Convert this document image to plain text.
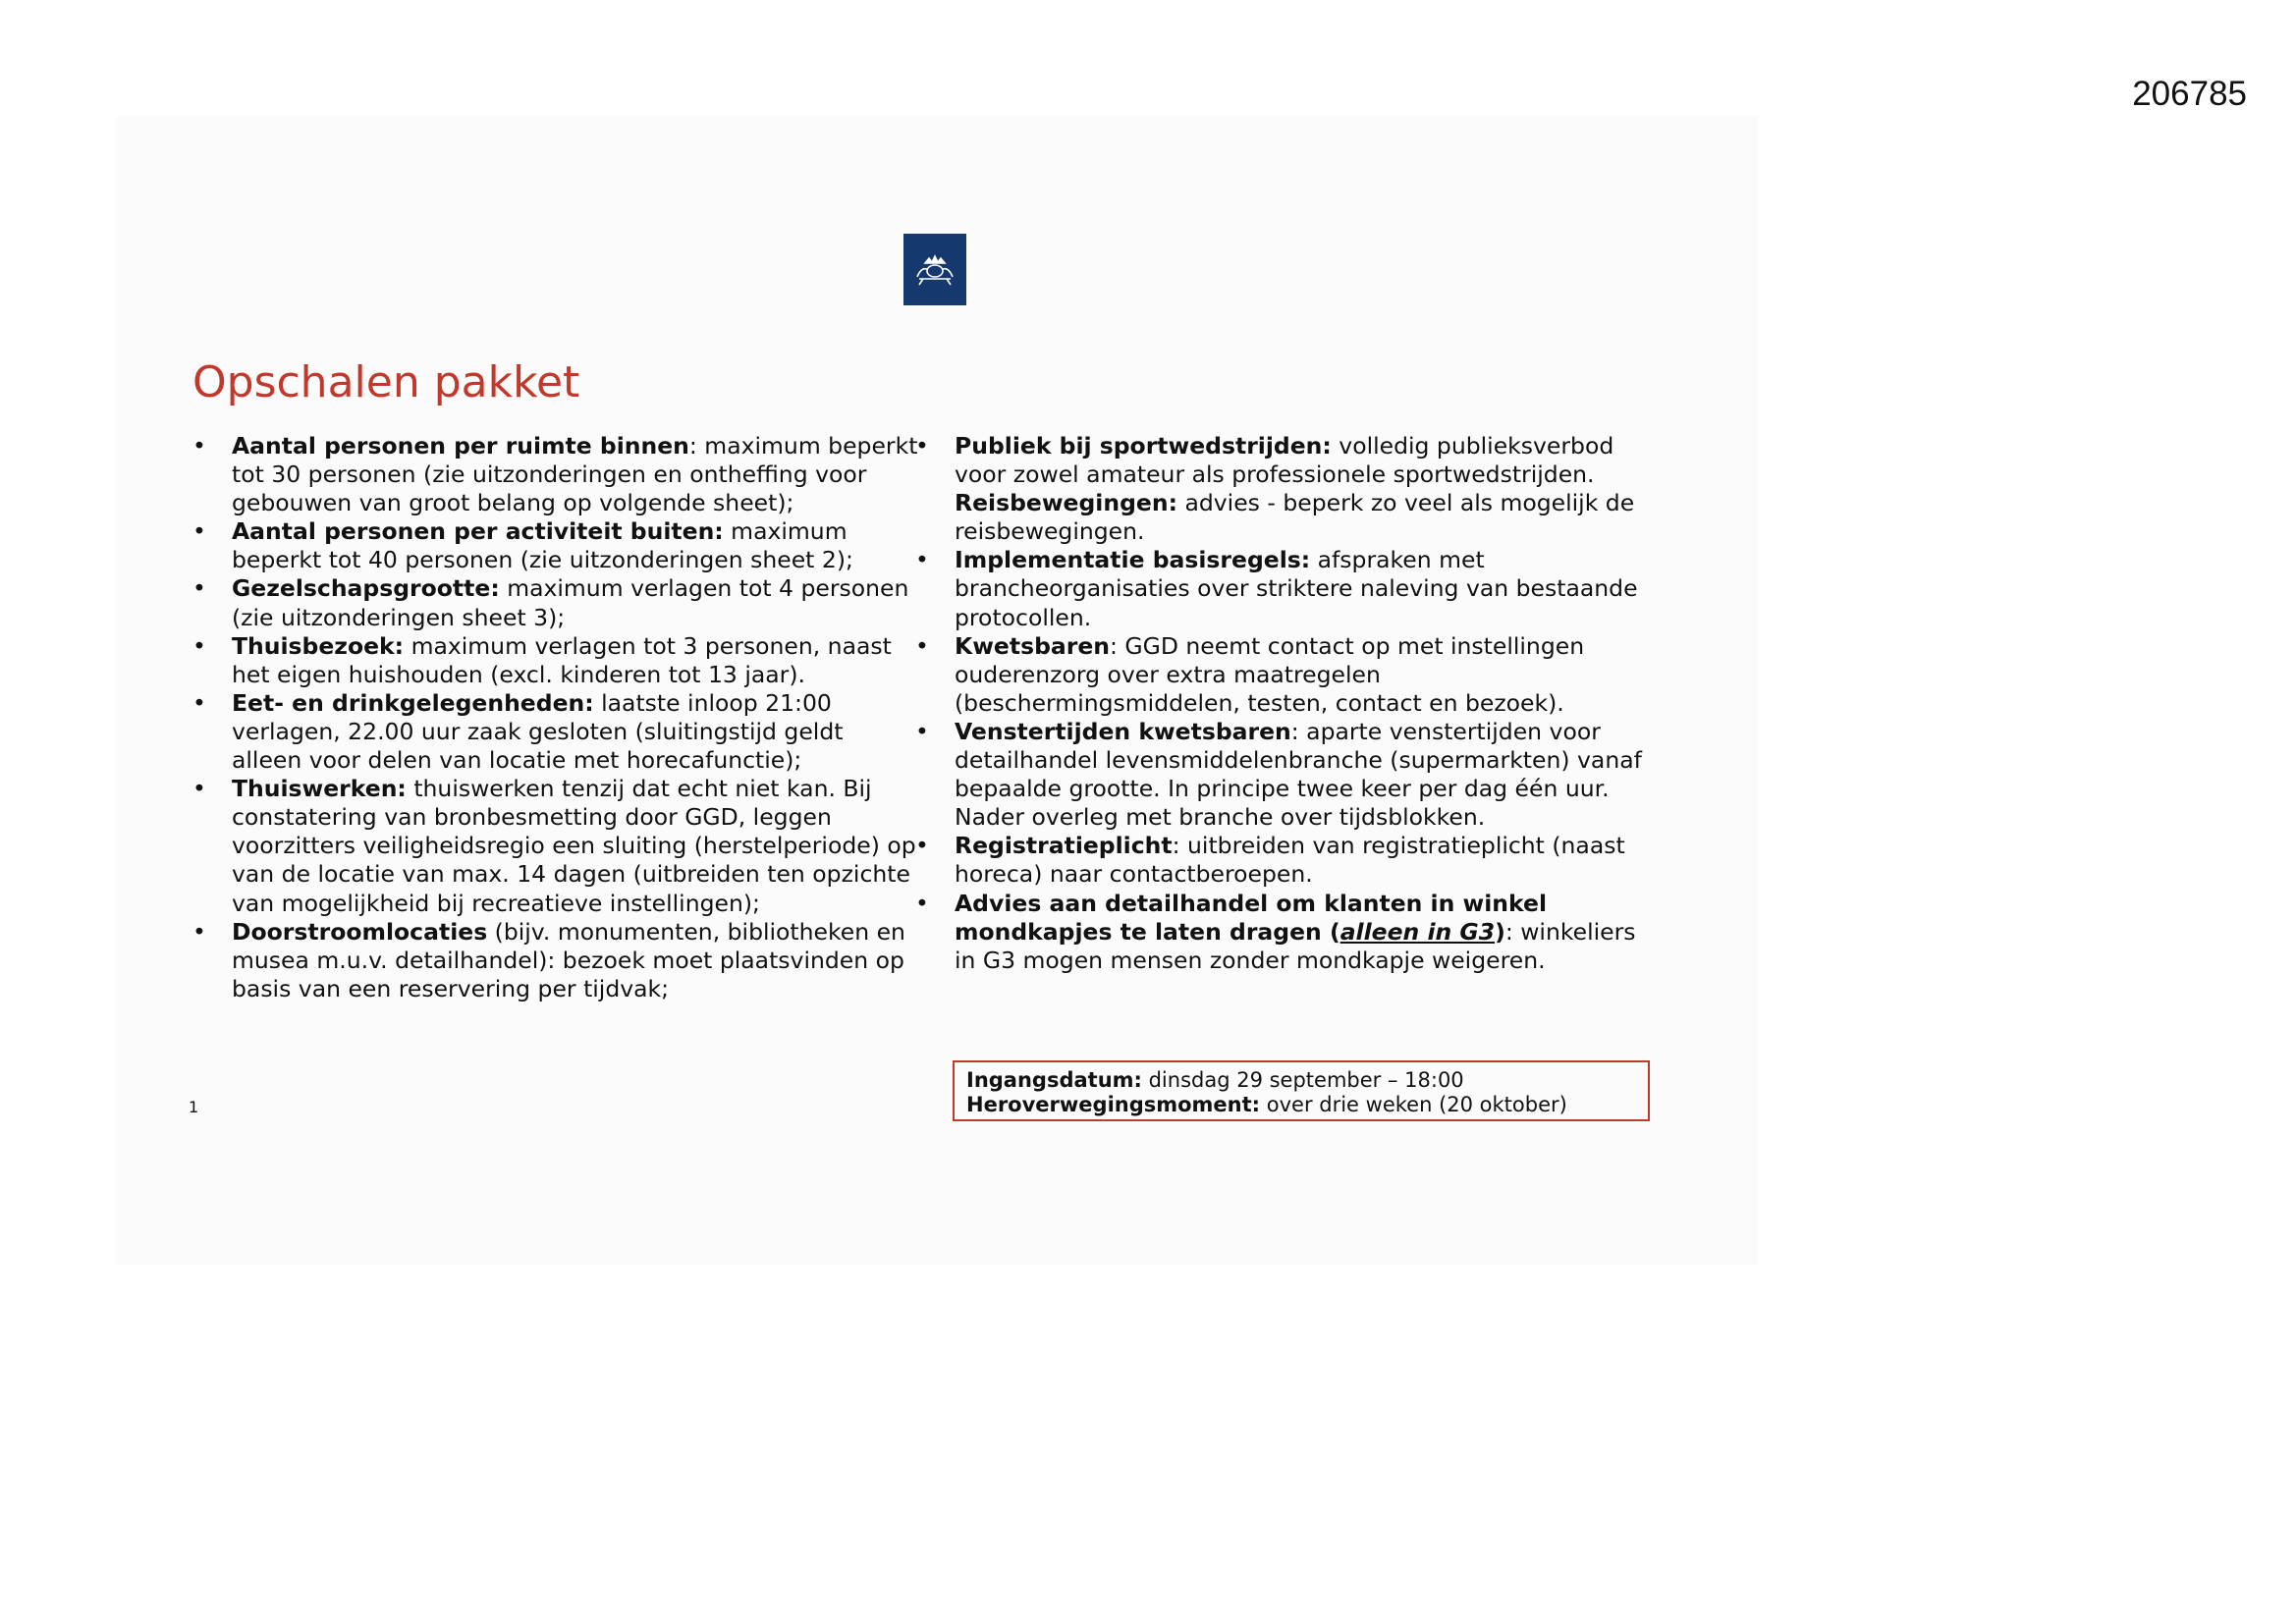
206785
Opschalen pakket
• Aantal personen per ruimte binnen: maximum beperkt tot 30 personen (zie uitzonderingen en ontheffing voor gebouwen van groot belang op volgende sheet);
• Aantal personen per activiteit buiten: maximum beperkt tot 40 personen (zie uitzonderingen sheet 2);
• Gezelschapsgrootte: maximum verlagen tot 4 personen (zie uitzonderingen sheet 3);
• Thuisbezoek: maximum verlagen tot 3 personen, naast het eigen huishouden (excl. kinderen tot 13 jaar).
• Eet- en drinkgelegenheden: laatste inloop 21:00 verlagen, 22.00 uur zaak gesloten (sluitingstijd geldt alleen voor delen van locatie met horecafunctie);
• Thuiswerken: thuiswerken tenzij dat echt niet kan. Bij constatering van bronbesmetting door GGD, leggen voorzitters veiligheidsregio een sluiting (herstelperiode) op van de locatie van max. 14 dagen (uitbreiden ten opzichte van mogelijkheid bij recreatieve instellingen);
• Doorstroomlocaties (bijv. monumenten, bibliotheken en musea m.u.v. detailhandel): bezoek moet plaatsvinden op basis van een reservering per tijdvak;
• Publiek bij sportwedstrijden: volledig publieksverbod voor zowel amateur als professionele sportwedstrijden.
Reisbewegingen: advies - beperk zo veel als mogelijk de reisbewegingen.
• Implementatie basisregels: afspraken met brancheorganisaties over striktere naleving van bestaande protocollen.
• Kwetsbaren: GGD neemt contact op met instellingen ouderenzorg over extra maatregelen (beschermingsmiddelen, testen, contact en bezoek).
• Venstertijden kwetsbaren: aparte venstertijden voor detailhandel levensmiddelenbranche (supermarkten) vanaf bepaalde grootte. In principe twee keer per dag één uur. Nader overleg met branche over tijdsblokken.
• Registratieplicht: uitbreiden van registratieplicht (naast horeca) naar contactberoepen.
• Advies aan detailhandel om klanten in winkel mondkapjes te laten dragen (alleen in G3): winkeliers in G3 mogen mensen zonder mondkapje weigeren.
1
Ingangsdatum: dinsdag 29 september – 18:00
Heroverwegingsmoment: over drie weken (20 oktober)
